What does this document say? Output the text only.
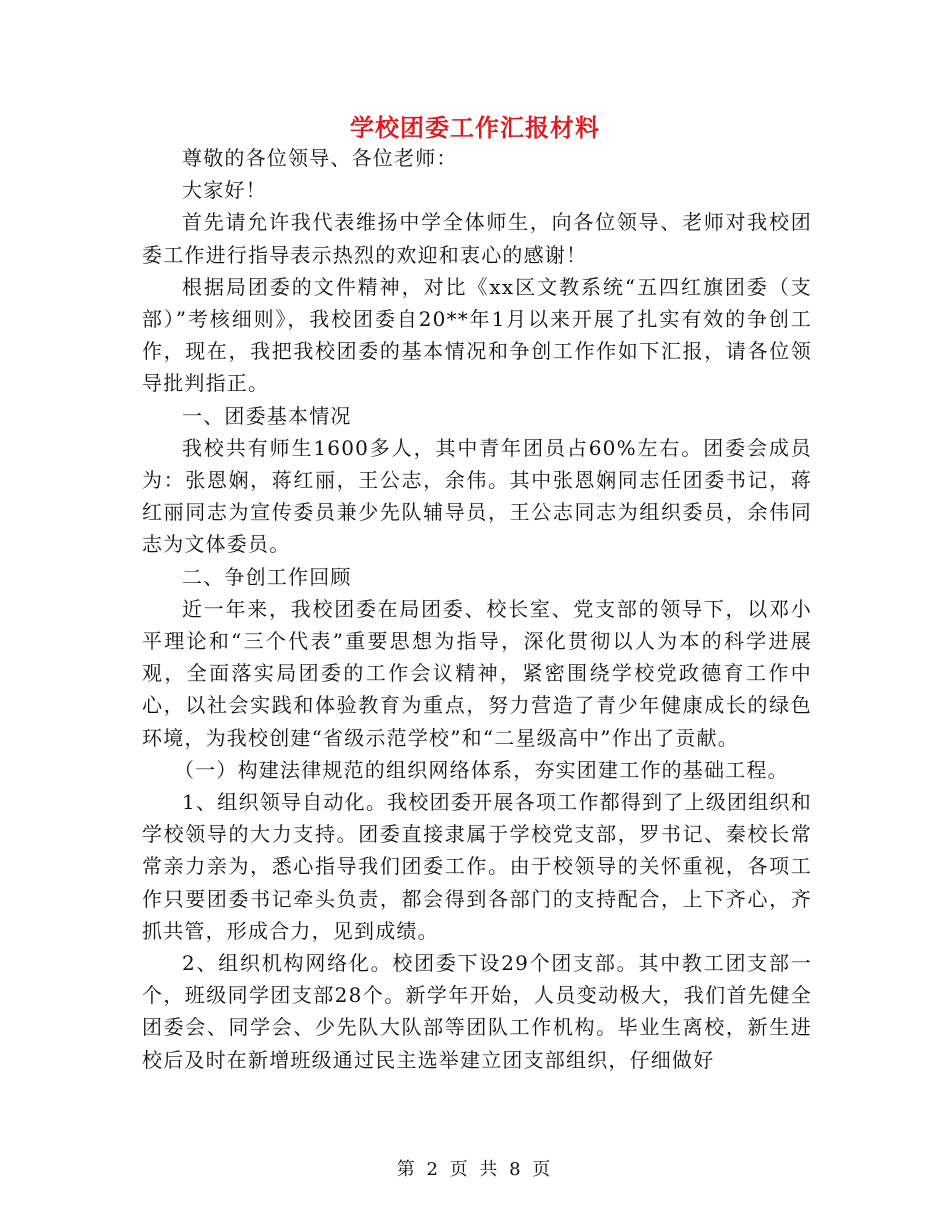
学校团委工作汇报材料

尊敬的各位领导、各位老师：

大家好！

首先请允许我代表维扬中学全体师生，向各位领导、老师对我校团委工作进行指导表示热烈的欢迎和衷心的感谢！

根据局团委的文件精神，对比《xx区文教系统“五四红旗团委（支部）”考核细则》，我校团委自20**年1月以来开展了扎实有效的争创工作，现在，我把我校团委的基本情况和争创工作作如下汇报，请各位领导批判指正。

一、团委基本情况

我校共有师生1600多人，其中青年团员占60%左右。团委会成员为：张恩娴，蒋红丽，王公志，余伟。其中张恩娴同志任团委书记，蒋红丽同志为宣传委员兼少先队辅导员，王公志同志为组织委员，余伟同志为文体委员。

二、争创工作回顾

近一年来，我校团委在局团委、校长室、党支部的领导下，以邓小平理论和“三个代表”重要思想为指导，深化贯彻以人为本的科学进展观，全面落实局团委的工作会议精神，紧密围绕学校党政德育工作中心，以社会实践和体验教育为重点，努力营造了青少年健康成长的绿色环境，为我校创建“省级示范学校”和“二星级高中”作出了贡献。

（一）构建法律规范的组织网络体系，夯实团建工作的基础工程。

1、组织领导自动化。我校团委开展各项工作都得到了上级团组织和学校领导的大力支持。团委直接隶属于学校党支部，罗书记、秦校长常常亲力亲为，悉心指导我们团委工作。由于校领导的关怀重视，各项工作只要团委书记牵头负责，都会得到各部门的支持配合，上下齐心，齐抓共管，形成合力，见到成绩。

2、组织机构网络化。校团委下设29个团支部。其中教工团支部一个，班级同学团支部28个。新学年开始，人员变动极大，我们首先健全团委会、同学会、少先队大队部等团队工作机构。毕业生离校，新生进校后及时在新增班级通过民主选举建立团支部组织，仔细做好

第 2 页 共 8 页
